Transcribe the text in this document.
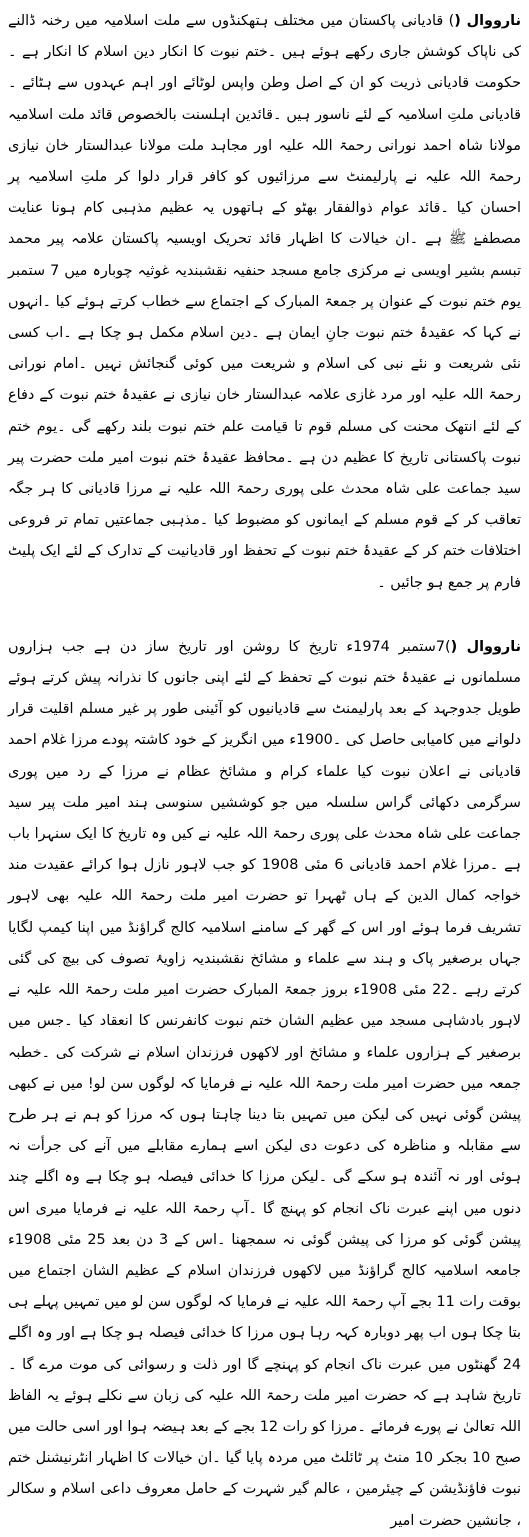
نارووال () قادیانی پاکستان میں مختلف ہتھکنڈوں سے ملت اسلامیہ میں رخنہ ڈالنے کی ناپاک کوشش جاری رکھے ہوئے ہیں ۔ختم نبوت کا انکار دین اسلام کا انکار ہے ۔حکومت قادیانی ذریت کو ان کے اصل وطن واپس لوٹائے اور اہم عہدوں سے ہٹائے ۔قادیانی ملتِ اسلامیہ کے لئے ناسور ہیں ۔قائدین اہلسنت بالخصوص قائد ملت اسلامیہ مولانا شاہ احمد نورانی رحمۃ اللہ علیہ اور مجاہد ملت مولانا عبدالستار خان نیازی رحمۃ اللہ علیہ نے پارلیمنٹ سے مرزائیوں کو کافر قرار دلوا کر ملتِ اسلامیہ پر احسان کیا ۔قائد عوام ذوالفقار بھٹو کے ہاتھوں یہ عظیم مذہبی کام ہونا عنایت مصطفےٰ ﷺ ہے ۔ان خیالات کا اظہار قائد تحریک اویسیہ پاکستان علامہ پیر محمد تبسم بشیر اویسی نے مرکزی جامع مسجد حنفیہ نقشبندیہ غوثیہ چوبارہ میں 7 ستمبر یوم ختم نبوت کے عنوان پر جمعۃ المبارک کے اجتماع سے خطاب کرتے ہوئے کیا ۔انہوں نے کہا کہ عقیدۂ ختم نبوت جانِ ایمان ہے ۔دین اسلام مکمل ہو چکا ہے ۔اب کسی نئی شریعت و نئے نبی کی اسلام و شریعت میں کوئی گنجائش نہیں ۔امام نورانی رحمۃ اللہ علیہ اور مرد غازی علامہ عبدالستار خان نیازی نے عقیدۂ ختم نبوت کے دفاع کے لئے انتھک محنت کی مسلم قوم تا قیامت علم ختم نبوت بلند رکھے گی ۔یوم ختم نبوت پاکستانی تاریخ کا عظیم دن ہے ۔محافظ عقیدۂ ختم نبوت امیر ملت حضرت پیر سید جماعت علی شاہ محدث علی پوری رحمۃ اللہ علیہ نے مرزا قادیانی کا ہر جگہ تعاقب کر کے قوم مسلم کے ایمانوں کو مضبوط کیا ۔مذہبی جماعتیں تمام تر فروعی اختلافات ختم کر کے عقیدۂ ختم نبوت کے تحفظ اور قادیانیت کے تدارک کے لئے ایک پلیٹ فارم پر جمع ہو جائیں ۔

نارووال ()7ستمبر 1974ء تاریخ کا روشن اور تاریخ ساز دن ہے جب ہزاروں مسلمانوں نے عقیدۂ ختم نبوت کے تحفظ کے لئے اپنی جانوں کا نذرانہ پیش کرتے ہوئے طویل جدوجہد کے بعد پارلیمنٹ سے قادیانیوں کو آئینی طور پر غیر مسلم اقلیت قرار دلوانے میں کامیابی حاصل کی ۔1900ء میں انگریز کے خود کاشتہ پودے مرزا غلام احمد قادیانی نے اعلان نبوت کیا علماء کرام و مشائخ عظام نے مرزا کے رد میں پوری سرگرمی دکھائی گراس سلسلہ میں جو کوششیں سنوسی ہند امیر ملت پیر سید جماعت علی شاہ محدث علی پوری رحمۃ اللہ علیہ نے کیں وہ تاریخ کا ایک سنہرا باب ہے ۔مرزا غلام احمد قادیانی 6 مئی 1908 کو جب لاہور نازل ہوا کرائے عقیدت مند خواجہ کمال الدین کے ہاں ٹھہرا تو حضرت امیر ملت رحمۃ اللہ علیہ بھی لاہور تشریف فرما ہوئے اور اس کے گھر کے سامنے اسلامیہ کالج گراؤنڈ میں اپنا کیمپ لگایا جہاں برصغیر پاک و ہند سے علماء و مشائخ نقشبندیہ زاویۂ تصوف کی بیچ کی گئی کرتے رہے ۔22 مئی 1908ء بروز جمعۃ المبارک حضرت امیر ملت رحمۃ اللہ علیہ نے لاہور بادشاہی مسجد میں عظیم الشان ختم نبوت کانفرنس کا انعقاد کیا ۔جس میں برصغیر کے ہزاروں علماء و مشائخ اور لاکھوں فرزندان اسلام نے شرکت کی ۔خطبہ جمعہ میں حضرت امیر ملت رحمۃ اللہ علیہ نے فرمایا کہ لوگوں سن لو! میں نے کبھی پیشن گوئی نہیں کی لیکن میں تمہیں بتا دینا چاہتا ہوں کہ مرزا کو ہم نے ہر طرح سے مقابلہ و مناظرہ کی دعوت دی لیکن اسے ہمارے مقابلے میں آنے کی جرأت نہ ہوئی اور نہ آئندہ ہو سکے گی ۔لیکن مرزا کا خدائی فیصلہ ہو چکا ہے وہ اگلے چند دنوں میں اپنے عبرت ناک انجام کو پہنچ گا ۔آپ رحمۃ اللہ علیہ نے فرمایا میری اس پیشن گوئی کو مرزا کی پیشن گوئی نہ سمجھنا ۔اس کے 3 دن بعد 25 مئی 1908ء جامعہ اسلامیہ کالج گراؤنڈ میں لاکھوں فرزندان اسلام کے عظیم الشان اجتماع میں بوقت رات 11 بجے آپ رحمۃ اللہ علیہ نے فرمایا کہ لوگوں سن لو میں تمہیں پہلے ہی بتا چکا ہوں اب پھر دوبارہ کہہ رہا ہوں مرزا کا خدائی فیصلہ ہو چکا ہے اور وہ اگلے 24 گھنٹوں میں عبرت ناک انجام کو پہنچے گا اور ذلت و رسوائی کی موت مرے گا ۔تاریخ شاہد ہے کہ حضرت امیر ملت رحمۃ اللہ علیہ کی زبان سے نکلے ہوئے یہ الفاظ اللہ تعالیٰ نے پورے فرمائے ۔مرزا کو رات 12 بجے کے بعد ہیضہ ہوا اور اسی حالت میں صبح 10 بجکر 10 منٹ پر ٹائلٹ میں مردہ پایا گیا ۔ان خیالات کا اظہار انٹرنیشنل ختم نبوت فاؤنڈیشن کے چیئرمین ، عالم گیر شہرت کے حامل معروف داعی اسلام و سکالر ، جانشین حضرت امیر
